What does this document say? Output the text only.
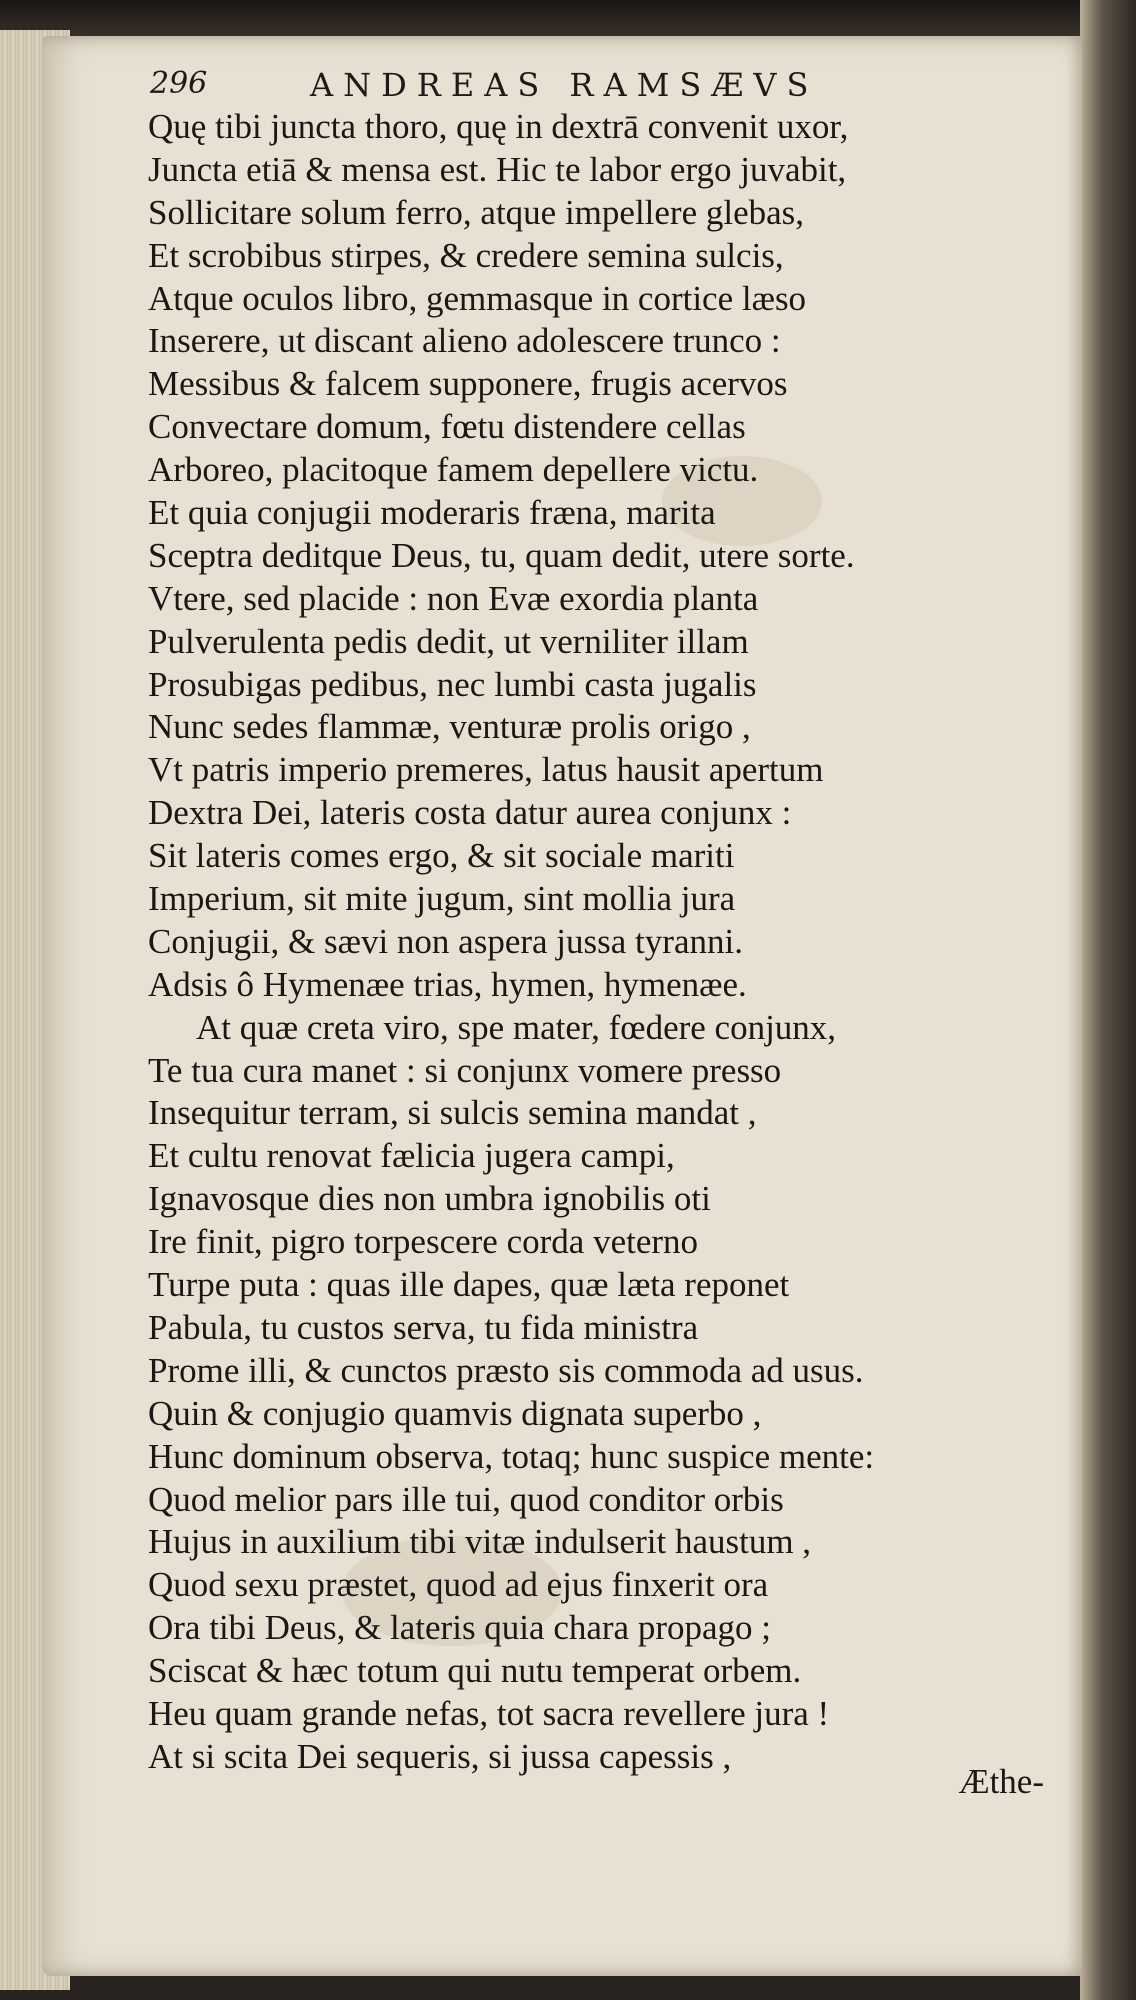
296	ANDREAS RAMSÆVS
Quę tibi juncta thoro, quę in dextrā convenit uxor,
Juncta etiā & mensa est. Hic te labor ergo juvabit,
Sollicitare solum ferro, atque impellere glebas,
Et scrobibus stirpes, & credere semina sulcis,
Atque oculos libro, gemmasque in cortice læso
Inserere, ut discant alieno adolescere trunco :
Messibus & falcem supponere, frugis acervos
Convectare domum, fœtu distendere cellas
Arboreo, placitoque famem depellere victu.
Et quia conjugii moderaris fræna, marita
Sceptra deditque Deus, tu, quam dedit, utere sorte.
Vtere, sed placide : non Evæ exordia planta
Pulverulenta pedis dedit, ut verniliter illam
Prosubigas pedibus, nec lumbi casta jugalis
Nunc sedes flammæ, venturæ prolis origo ,
Vt patris imperio premeres, latus hausit apertum
Dextra Dei, lateris costa datur aurea conjunx :
Sit lateris comes ergo, & sit sociale mariti
Imperium, sit mite jugum, sint mollia jura
Conjugii, & sævi non aspera jussa tyranni.
Adsis ô Hymenæe trias, hymen, hymenæe.
At quæ creta viro, spe mater, fœdere conjunx,
Te tua cura manet : si conjunx vomere presso
Insequitur terram, si sulcis semina mandat ,
Et cultu renovat fælicia jugera campi,
Ignavosque dies non umbra ignobilis oti
Ire finit, pigro torpescere corda veterno
Turpe puta : quas ille dapes, quæ læta reponet
Pabula, tu custos serva, tu fida ministra
Prome illi, & cunctos præsto sis commoda ad usus.
Quin & conjugio quamvis dignata superbo ,
Hunc dominum observa, totaq; hunc suspice mente:
Quod melior pars ille tui, quod conditor orbis
Hujus in auxilium tibi vitæ indulserit haustum ,
Quod sexu præstet, quod ad ejus finxerit ora
Ora tibi Deus, & lateris quia chara propago ;
Sciscat & hæc totum qui nutu temperat orbem.
Heu quam grande nefas, tot sacra revellere jura !
At si scita Dei sequeris, si jussa capessis ,
Æthe-
